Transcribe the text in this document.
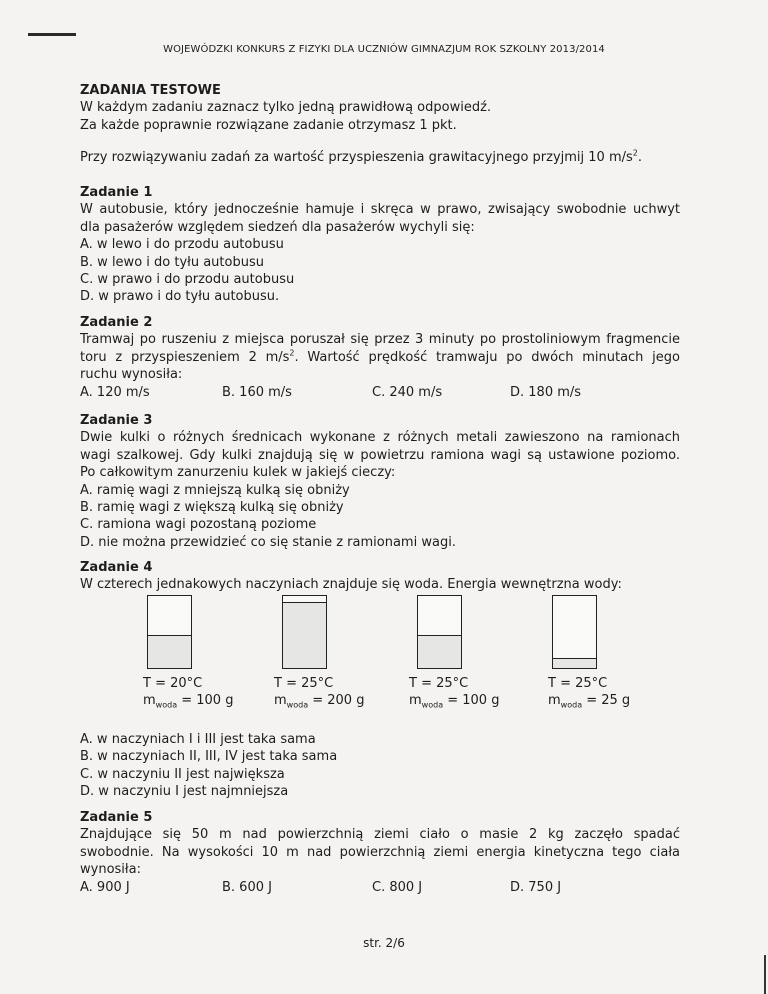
WOJEWÓDZKI KONKURS Z FIZYKI DLA UCZNIÓW GIMNAZJUM ROK SZKOLNY 2013/2014

ZADANIA TESTOWE

W każdym zadaniu zaznacz tylko jedną prawidłową odpowiedź.

Za każde poprawnie rozwiązane zadanie otrzymasz 1 pkt.

Przy rozwiązywaniu zadań za wartość przyspieszenia grawitacyjnego przyjmij 10 $m/s^2$.

Zadanie 1

W autobusie, który jednocześnie hamuje i skręca w prawo, zwisający swobodnie uchwyt

dla pasażerów względem siedzeń dla pasażerów wychyli się:

A. w lewo i do przodu autobusu

B. w lewo i do tyłu autobusu

C. w prawo i do przodu autobusu

D. w prawo i do tyłu autobusu.

Zadanie 2

Tramwaj po ruszeniu z miejsca poruszał się przez 3 minuty po prostoliniowym fragmencie

toru z przyspieszeniem 2 $m/s^2$. Wartość prędkość tramwaju po dwóch minutach jego

ruchu wynosiła:

A. 120 m/s	B. 160 m/s	C. 240 m/s	D. 180 m/s

Zadanie 3

Dwie kulki o różnych średnicach wykonane z różnych metali zawieszono na ramionach

wagi szalkowej. Gdy kulki znajdują się w powietrzu ramiona wagi są ustawione poziomo.

Po całkowitym zanurzeniu kulek w jakiejś cieczy:

A. ramię wagi z mniejszą kulką się obniży

B. ramię wagi z większą kulką się obniży

C. ramiona wagi pozostaną poziome

D. nie można przewidzieć co się stanie z ramionami wagi.

Zadanie 4

W czterech jednakowych naczyniach znajduje się woda. Energia wewnętrzna wody:

T = 20°C
$m_{woda} = 100$ g
T = 25°C
$m_{woda} = 200$ g
T = 25°C
$m_{woda} = 100$ g
T = 25°C
$m_{woda} = 25$ g

A. w naczyniach I i III jest taka sama

B. w naczyniach II, III, IV jest taka sama

C. w naczyniu II jest największa

D. w naczyniu I jest najmniejsza

Zadanie 5

Znajdujące się 50 m nad powierzchnią ziemi ciało o masie 2 kg zaczęło spadać

swobodnie. Na wysokości 10 m nad powierzchnią ziemi energia kinetyczna tego ciała

wynosiła:

A. 900 J	B. 600 J	C. 800 J	D. 750 J
str. 2/6
